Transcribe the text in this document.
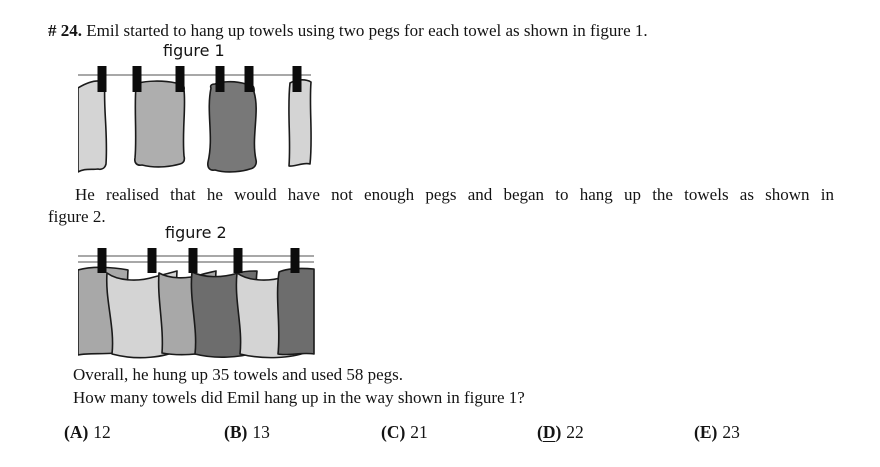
# 24. Emil started to hang up towels using two pegs for each towel as shown in figure 1.
figure 1

He realised that he would have not enough pegs and began to hang up the towels as shown in
figure 2.

figure 2
Overall, he hung up 35 towels and used 58 pegs.
How many towels did Emil hang up in the way shown in figure 1?
( A ) 12	( B ) 13	( C ) 21	( D ) 22	( E ) 23
